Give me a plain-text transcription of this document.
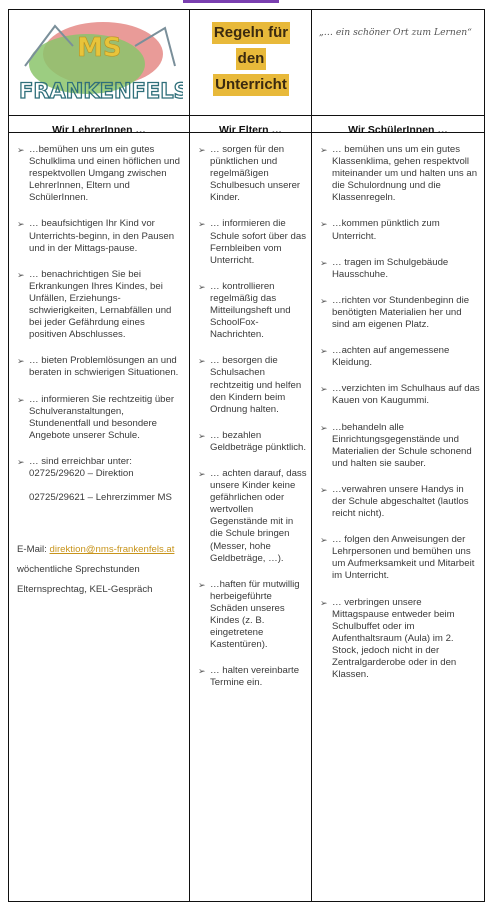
MS
FRANKENFELS
Regeln für
den
Unterricht
„… ein schöner Ort zum Lernen“
Wir LehrerInnen …	Wir Eltern …	Wir SchülerInnen …
➢ …bemühen uns um ein gutes Schulklima und einen höflichen und respektvollen Umgang zwischen LehrerInnen, Eltern und SchülerInnen.
➢ … beaufsichtigen Ihr Kind vor Unterrichts-beginn, in den Pausen und in der Mittags-pause.
➢ … benachrichtigen Sie bei Erkrankungen Ihres Kindes, bei Unfällen, Erziehungs-schwierigkeiten, Lernabfällen und bei jeder Gefährdung eines positiven Abschlusses.
➢ … bieten Problemlösungen an und beraten in schwierigen Situationen.
➢ … informieren Sie rechtzeitig über Schulveranstaltungen, Stundenentfall und besondere Angebote unserer Schule.
➢ … sind erreichbar unter:
02725/29620 – Direktion

02725/29621 – Lehrerzimmer MS
E-Mail: direktion@nms-frankenfels.at
wöchentliche Sprechstunden
Elternsprechtag, KEL-Gespräch
➢ … sorgen für den pünktlichen und regelmäßigen Schulbesuch unserer Kinder.
➢ … informieren die Schule sofort über das Fernbleiben vom Unterricht.
➢ … kontrollieren regelmäßig das Mitteilungsheft und SchoolFox-Nachrichten.
➢ … besorgen die Schulsachen rechtzeitig und helfen den Kindern beim Ordnung halten.
➢ … bezahlen Geldbeträge pünktlich.
➢ … achten darauf, dass unsere Kinder keine gefährlichen oder wertvollen Gegenstände mit in die Schule bringen (Messer, hohe Geldbeträge, …).
➢ …haften für mutwillig herbeigeführte Schäden unseres Kindes (z. B. eingetretene Kastentüren).
➢ … halten vereinbarte Termine ein.
➢ … bemühen uns um ein gutes Klassenklima, gehen respektvoll miteinander um und halten uns an die Schulordnung und die Klassenregeln.
➢ …kommen pünktlich zum Unterricht.
➢ … tragen im Schulgebäude Hausschuhe.
➢ …richten vor Stundenbeginn die benötigten Materialien her und sind am eigenen Platz.
➢ …achten auf angemessene Kleidung.
➢ …verzichten im Schulhaus auf das Kauen von Kaugummi.
➢ …behandeln alle Einrichtungsgegenstände und Materialien der Schule schonend und halten sie sauber.
➢ …verwahren unsere Handys in der Schule abgeschaltet (lautlos reicht nicht).
➢ … folgen den Anweisungen der Lehrpersonen und bemühen uns um Aufmerksamkeit und Mitarbeit im Unterricht.
➢ … verbringen unsere Mittagspause entweder beim Schulbuffet oder im Aufenthaltsraum (Aula) im 2. Stock, jedoch nicht in der Zentralgarderobe oder in den Klassen.
